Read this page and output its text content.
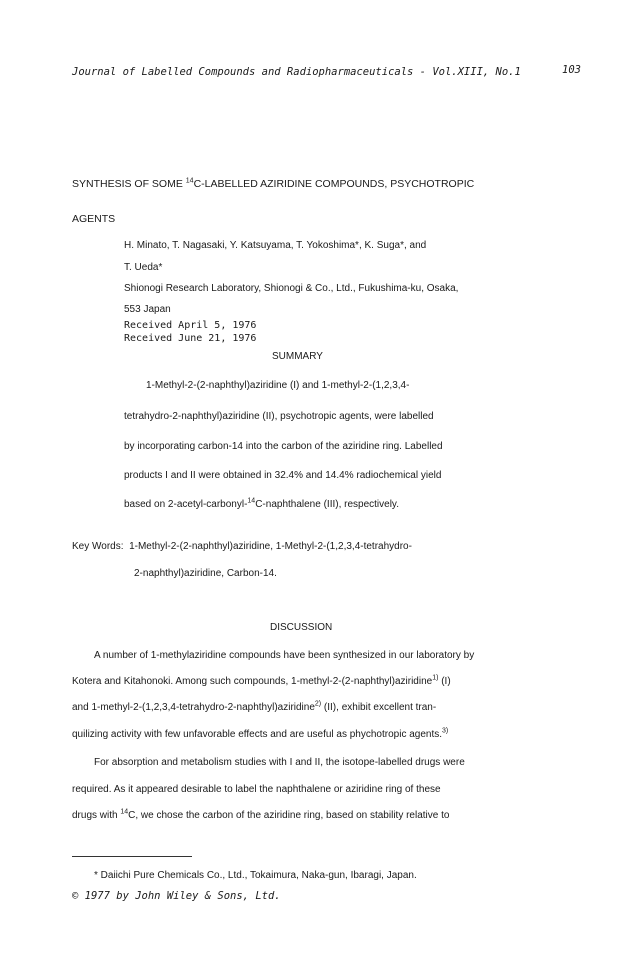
Journal of Labelled Compounds and Radiopharmaceuticals - Vol.XIII, No.1	103
SYNTHESIS OF SOME $^{14}$C-LABELLED AZIRIDINE COMPOUNDS, PSYCHOTROPIC
AGENTS
H. Minato, T. Nagasaki, Y. Katsuyama, T. Yokoshima*, K. Suga*, and
T. Ueda*
Shionogi Research Laboratory, Shionogi & Co., Ltd., Fukushima-ku, Osaka,
553 Japan
Received April 5, 1976
Received June 21, 1976
SUMMARY
1-Methyl-2-(2-naphthyl)aziridine (I) and 1-methyl-2-(1,2,3,4-
tetrahydro-2-naphthyl)aziridine (II), psychotropic agents, were labelled
by incorporating carbon-14 into the carbon of the aziridine ring. Labelled
products I and II were obtained in 32.4% and 14.4% radiochemical yield
based on 2-acetyl-carbonyl-$^{14}$C-naphthalene (III), respectively.
Key Words: 1-Methyl-2-(2-naphthyl)aziridine, 1-Methyl-2-(1,2,3,4-tetrahydro-
2-naphthyl)aziridine, Carbon-14.
DISCUSSION
A number of 1-methylaziridine compounds have been synthesized in our laboratory by
Kotera and Kitahonoki. Among such compounds, 1-methyl-2-(2-naphthyl)aziridine$^{1)}$ (I)
and 1-methyl-2-(1,2,3,4-tetrahydro-2-naphthyl)aziridine$^{2)}$ (II), exhibit excellent tran-
quilizing activity with few unfavorable effects and are useful as phychotropic agents.$^{3)}$
For absorption and metabolism studies with I and II, the isotope-labelled drugs were
required. As it appeared desirable to label the naphthalene or aziridine ring of these
drugs with $^{14}$C, we chose the carbon of the aziridine ring, based on stability relative to
* Daiichi Pure Chemicals Co., Ltd., Tokaimura, Naka-gun, Ibaragi, Japan.
© 1977 by John Wiley & Sons, Ltd.
